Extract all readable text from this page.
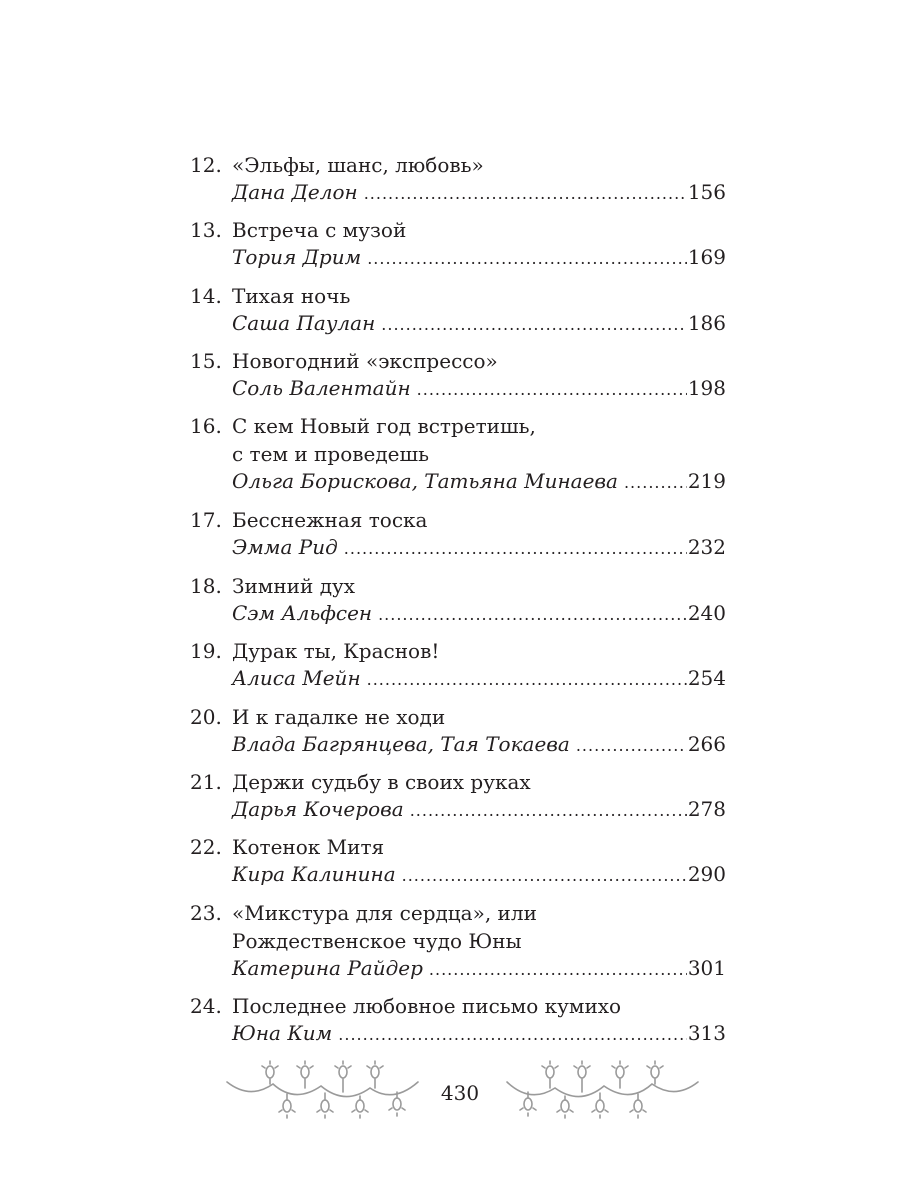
12. «Эльфы, шанс, любовь»
Дана Делон .....	156
13. Встреча с музой
Тория Дрим .....	169
14. Тихая ночь
Саша Паулан .....	186
15. Новогодний «экспрессо»
Соль Валентайн .....	198
16. С кем Новый год встретишь,
с тем и проведешь
Ольга Борискова, Татьяна Минаева .....	219
17. Бесснежная тоска
Эмма Рид .....	232
18. Зимний дух
Сэм Альфсен .....	240
19. Дурак ты, Краснов!
Алиса Мейн .....	254
20. И к гадалке не ходи
Влада Багрянцева, Тая Токаева .....	266
21. Держи судьбу в своих руках
Дарья Кочерова .....	278
22. Котенок Митя
Кира Калинина .....	290
23. «Микстура для сердца», или
Рождественское чудо Юны
Катерина Райдер .....	301
24. Последнее любовное письмо кумихо
Юна Ким .....	313
430
